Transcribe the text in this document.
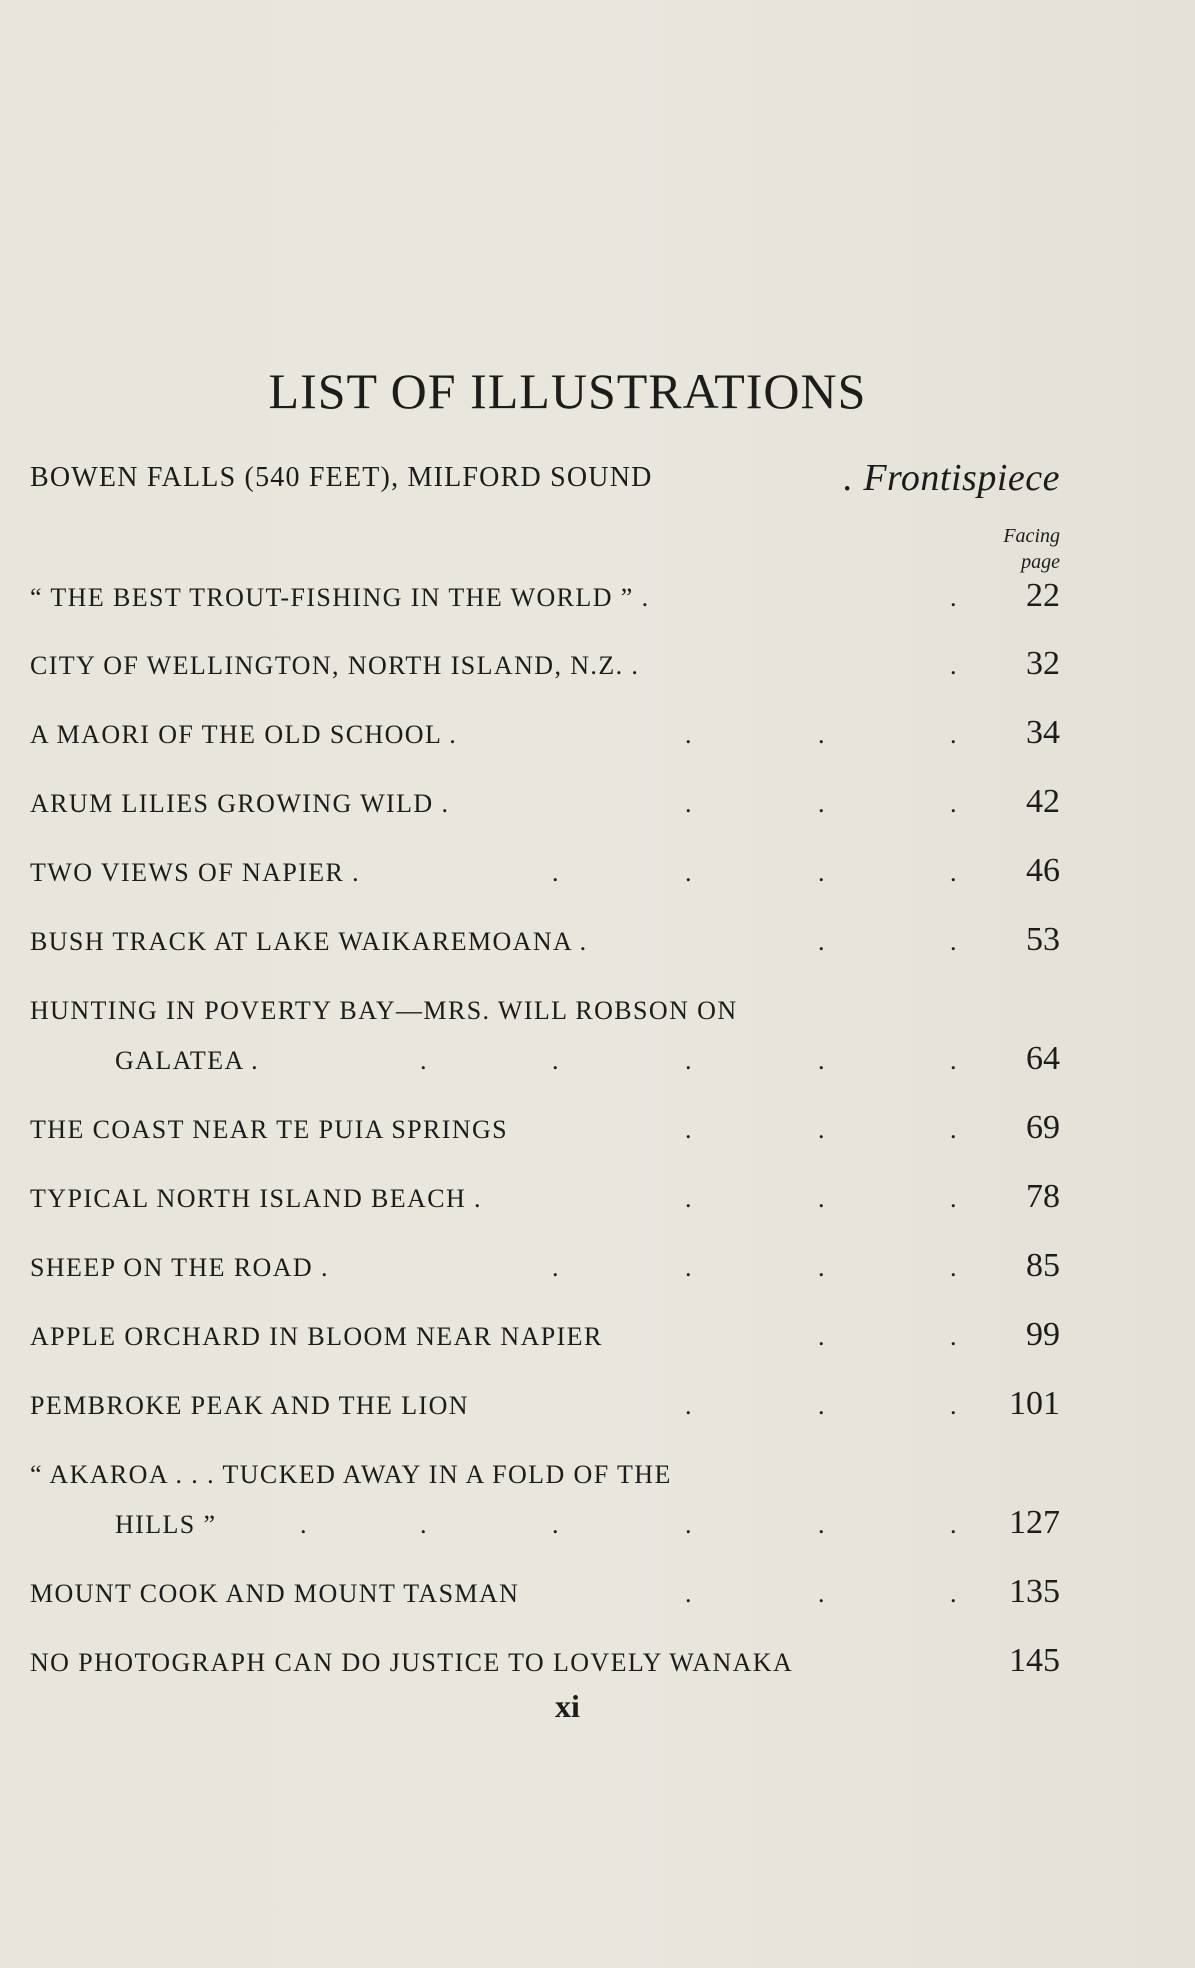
LIST OF ILLUSTRATIONS
BOWEN FALLS (540 FEET), MILFORD SOUND	. Frontispiece
Facing
page
“ THE BEST TROUT-FISHING IN THE WORLD ” .	. 22
CITY OF WELLINGTON, NORTH ISLAND, N.Z. .	. 32
A MAORI OF THE OLD SCHOOL .	.	.	. 34
ARUM LILIES GROWING WILD .	.	.	. 42
TWO VIEWS OF NAPIER .	.	.	.	. 46
BUSH TRACK AT LAKE WAIKAREMOANA .	.	. 53
HUNTING IN POVERTY BAY—MRS. WILL ROBSON ON
GALATEA .	.	.	.	.	. 64
THE COAST NEAR TE PUIA SPRINGS	.	.	. 69
TYPICAL NORTH ISLAND BEACH .	.	.	. 78
SHEEP ON THE ROAD .	.	.	.	. 85
APPLE ORCHARD IN BLOOM NEAR NAPIER	.	. 99
PEMBROKE PEAK AND THE LION	.	.	. 101
“ AKAROA . . . TUCKED AWAY IN A FOLD OF THE
HILLS ”	.	.	.	.	.	. 127
MOUNT COOK AND MOUNT TASMAN	.	.	. 135
NO PHOTOGRAPH CAN DO JUSTICE TO LOVELY WANAKA	145
xi
